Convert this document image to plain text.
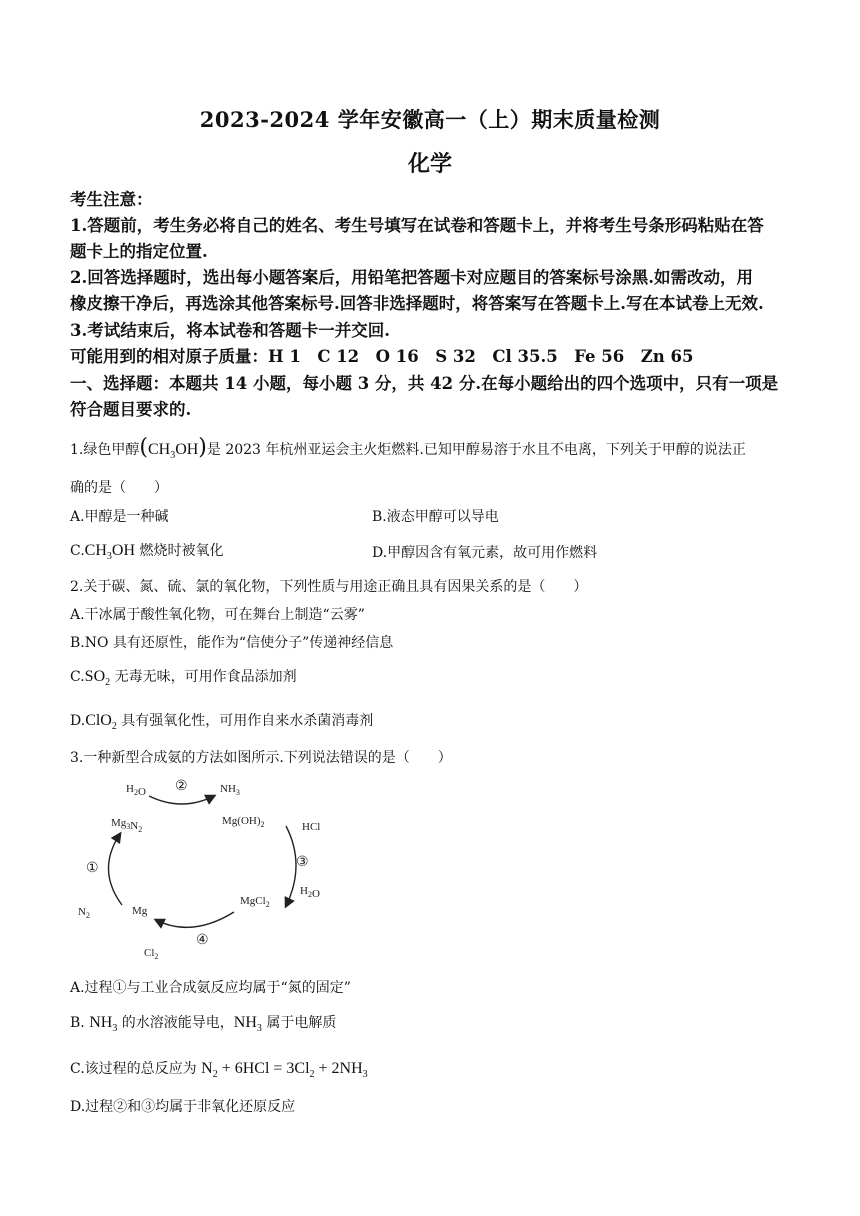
2023-2024 学年安徽高一（上）期末质量检测
化学
考生注意：
1.答题前，考生务必将自己的姓名、考生号填写在试卷和答题卡上，并将考生号条形码粘贴在答
题卡上的指定位置.
2.回答选择题时，选出每小题答案后，用铅笔把答题卡对应题目的答案标号涂黑.如需改动，用
橡皮擦干净后，再选涂其他答案标号.回答非选择题时，将答案写在答题卡上.写在本试卷上无效.
3.考试结束后，将本试卷和答题卡一并交回.
可能用到的相对原子质量：H 1　C 12　O 16　S 32　Cl 35.5　Fe 56　Zn 65
一、选择题：本题共 14 小题，每小题 3 分，共 42 分.在每小题给出的四个选项中，只有一项是
符合题目要求的.
1.绿色甲醇$(CH_3OH)$是 2023 年杭州亚运会主火炬燃料.已知甲醇易溶于水且不电离，下列关于甲醇的说法正
确的是（　　）
A.甲醇是一种碱	B.液态甲醇可以导电
$C.CH_3OH$ 燃烧时被氧化	D.甲醇因含有氧元素，故可用作燃料
2.关于碳、氮、硫、氯的氧化物，下列性质与用途正确且具有因果关系的是（　　）
A.干冰属于酸性氧化物，可在舞台上制造“云雾”
B.NO 具有还原性，能作为“信使分子”传递神经信息
$C.SO_2$ 无毒无味，可用作食品添加剂
D.ClO$_2$ 具有强氧化性，可用作自来水杀菌消毒剂
3.一种新型合成氨的方法如图所示.下列说法错误的是（　　）
$H_2O$ ②	$NH_3$
$Mg_3N_2$
$Mg(OH)_2$	HCl
③
$H_2O$
①
$N_2$	Mg
MgCl$_2$
④
$Cl_2$
A.过程①与工业合成氨反应均属于“氮的固定”
B. $NH_3$ 的水溶液能导电，$NH_3$ 属于电解质
C.该过程的总反应为 $N_2 + 6HCl = 3Cl_2 + 2NH_3$
D.过程②和③均属于非氧化还原反应
